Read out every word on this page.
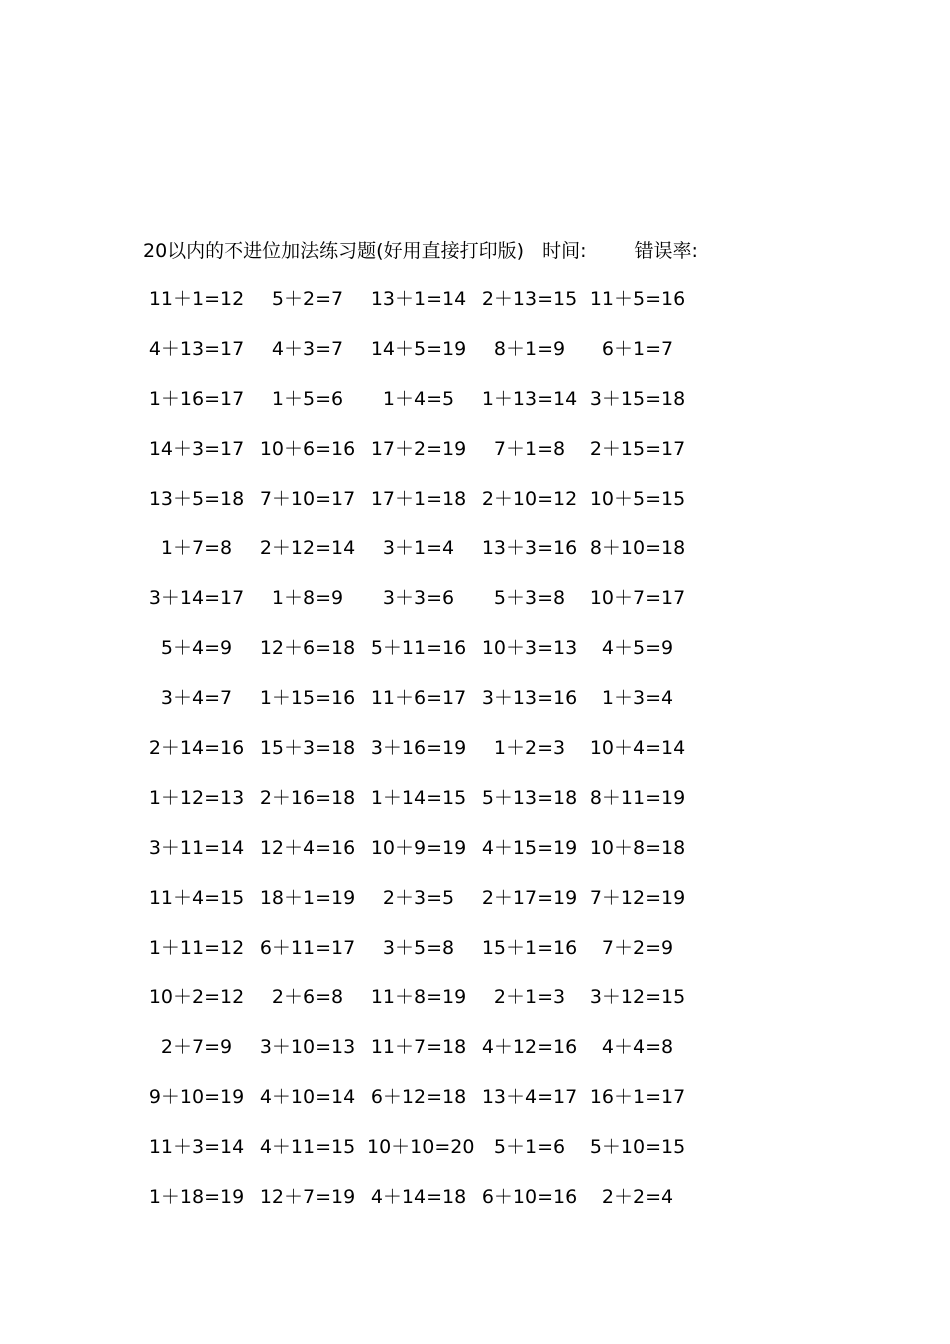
20以内的不进位加法练习题(好用直接打印版) 时间:	错误率:
11＋1=12	5＋2=7	13＋1=14 2＋13=15 11＋5=16
4＋13=17	4＋3=7	14＋5=19	8＋1=9	6＋1=7
1＋16=17	1＋5=6	1＋4=5	1＋13=14 3＋15=18
14＋3=17 10＋6=16 17＋2=19	7＋1=8	2＋15=17
13＋5=18 7＋10=17 17＋1=18 2＋10=12 10＋5=15
1＋7=8	2＋12=14	3＋1=4	13＋3=16 8＋10=18
3＋14=17	1＋8=9	3＋3=6	5＋3=8	10＋7=17
5＋4=9	12＋6=18 5＋11=16 10＋3=13	4＋5=9
3＋4=7	1＋15=16 11＋6=17 3＋13=16	1＋3=4
2＋14=16 15＋3=18 3＋16=19	1＋2=3	10＋4=14
1＋12=13 2＋16=18 1＋14=15 5＋13=18 8＋11=19
3＋11=14 12＋4=16 10＋9=19 4＋15=19 10＋8=18
11＋4=15 18＋1=19	2＋3=5	2＋17=19 7＋12=19
1＋11=12 6＋11=17	3＋5=8	15＋1=16	7＋2=9
10＋2=12	2＋6=8	11＋8=19	2＋1=3	3＋12=15
2＋7=9	3＋10=13 11＋7=18 4＋12=16	4＋4=8
9＋10=19 4＋10=14 6＋12=18 13＋4=17 16＋1=17
11＋3=14 4＋11=15 10＋10=20	5＋1=6	5＋10=15
1＋18=19 12＋7=19 4＋14=18 6＋10=16	2＋2=4
